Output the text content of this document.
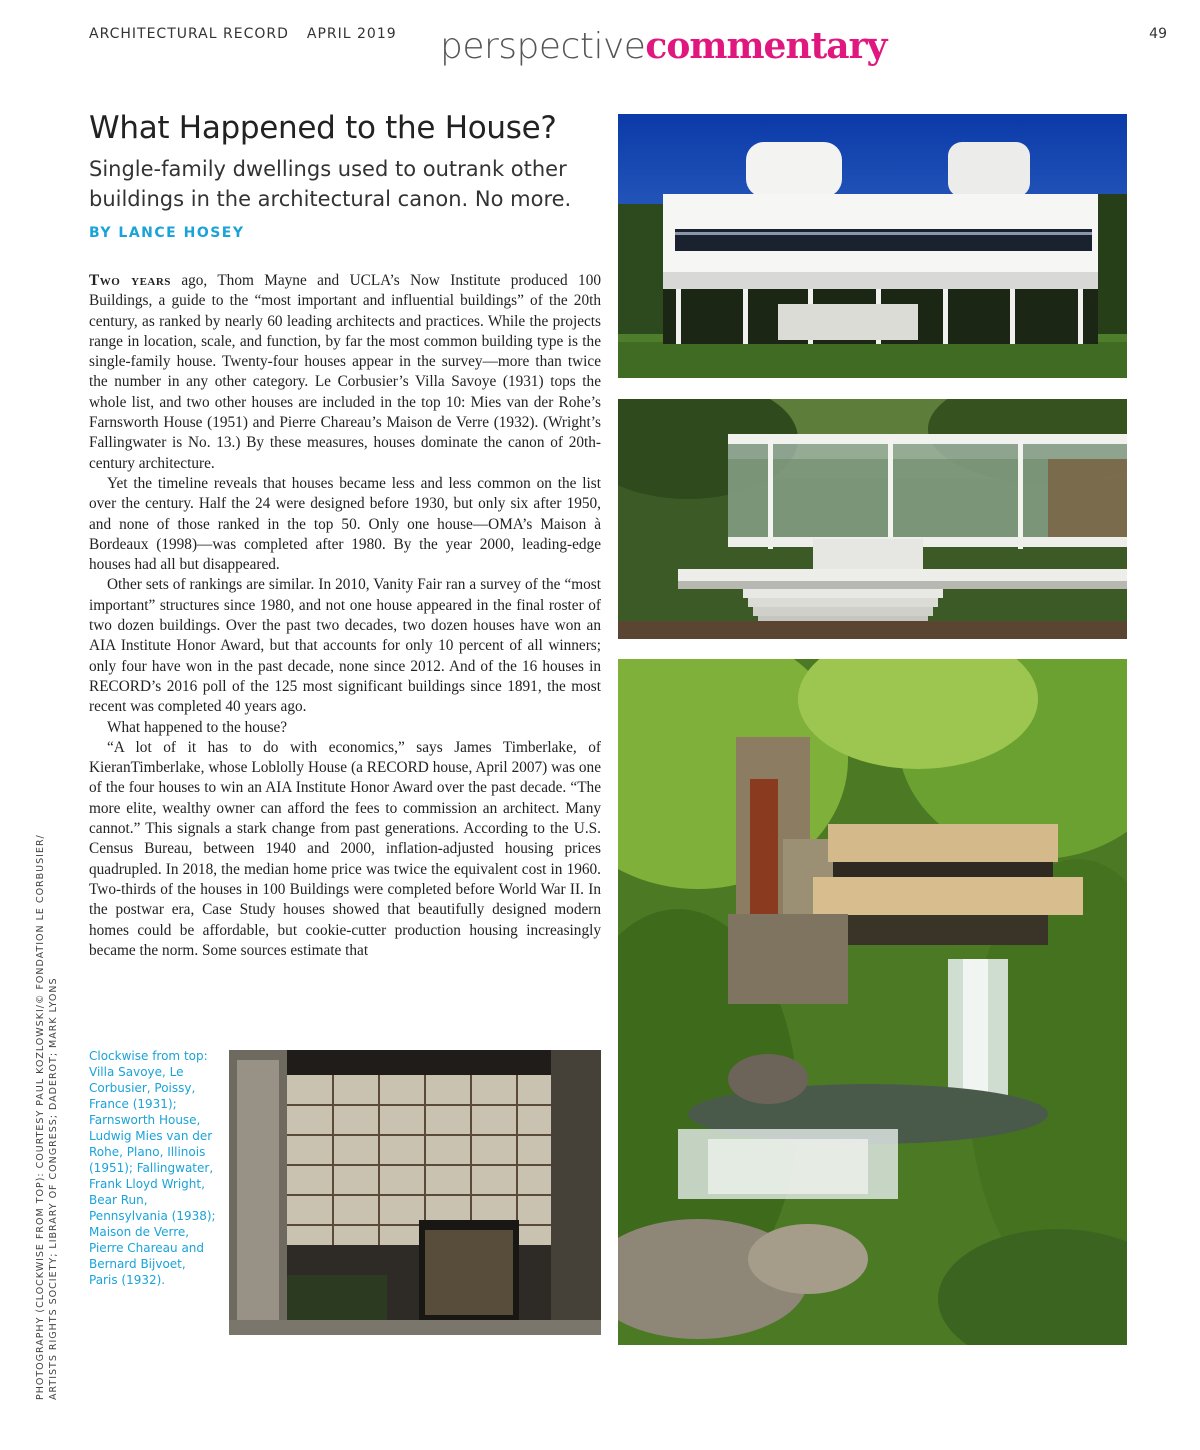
ARCHITECTURAL RECORD APRIL 2019 perspectivecommentary	49
What Happened to the House?

Single-family dwellings used to outrank other buildings in the architectural canon. No more.

BY LANCE HOSEY

Two years ago, Thom Mayne and UCLA’s Now Institute produced 100 Buildings, a guide to the “most important and influential buildings” of the 20th century, as ranked by nearly 60 leading architects and practices. While the projects range in location, scale, and function, by far the most common building type is the single-family house. Twenty-four houses appear in the survey—more than twice the number in any other category. Le Corbusier’s Villa Savoye (1931) tops the whole list, and two other houses are included in the top 10: Mies van der Rohe’s Farnsworth House (1951) and Pierre Chareau’s Maison de Verre (1932). (Wright’s Fallingwater is No. 13.) By these measures, houses dominate the canon of 20th-century architecture.

Yet the timeline reveals that houses became less and less common on the list over the century. Half the 24 were designed before 1930, but only six after 1950, and none of those ranked in the top 50. Only one house—OMA’s Maison à Bordeaux (1998)—was completed after 1980. By the year 2000, leading-edge houses had all but disappeared.

Other sets of rankings are similar. In 2010, Vanity Fair ran a survey of the “most important” structures since 1980, and not one house appeared in the final roster of two dozen buildings. Over the past two decades, two dozen houses have won an AIA Institute Honor Award, but that accounts for only 10 percent of all winners; only four have won in the past decade, none since 2012. And of the 16 houses in RECORD’s 2016 poll of the 125 most significant buildings since 1891, the most recent was completed 40 years ago.

What happened to the house?

“A lot of it has to do with economics,” says James Timberlake, of KieranTimberlake, whose Loblolly House (a RECORD house, April 2007) was one of the four houses to win an AIA Institute Honor Award over the past decade. “The more elite, wealthy owner can afford the fees to commission an architect. Many cannot.” This signals a stark change from past generations. According to the U.S. Census Bureau, between 1940 and 2000, inflation-adjusted housing prices quadrupled. In 2018, the median home price was twice the equivalent cost in 1960. Two-thirds of the houses in 100 Buildings were completed before World War II. In the postwar era, Case Study houses showed that beautifully designed modern homes could be affordable, but cookie-cutter production housing increasingly became the norm. Some sources estimate that

Clockwise from top: Villa Savoye, Le Corbusier, Poissy, France (1931); Farnsworth House, Ludwig Mies van der Rohe, Plano, Illinois (1951); Fallingwater, Frank Lloyd Wright, Bear Run, Pennsylvania (1938); Maison de Verre, Pierre Chareau and Bernard Bijvoet, Paris (1932).
PHOTOGRAPHY (CLOCKWISE FROM TOP): COURTESY PAUL KOZLOWSKI/© FONDATION LE CORBUSIER/ ARTISTS RIGHTS SOCIETY; LIBRARY OF CONGRESS; DADEROT; MARK LYONS
